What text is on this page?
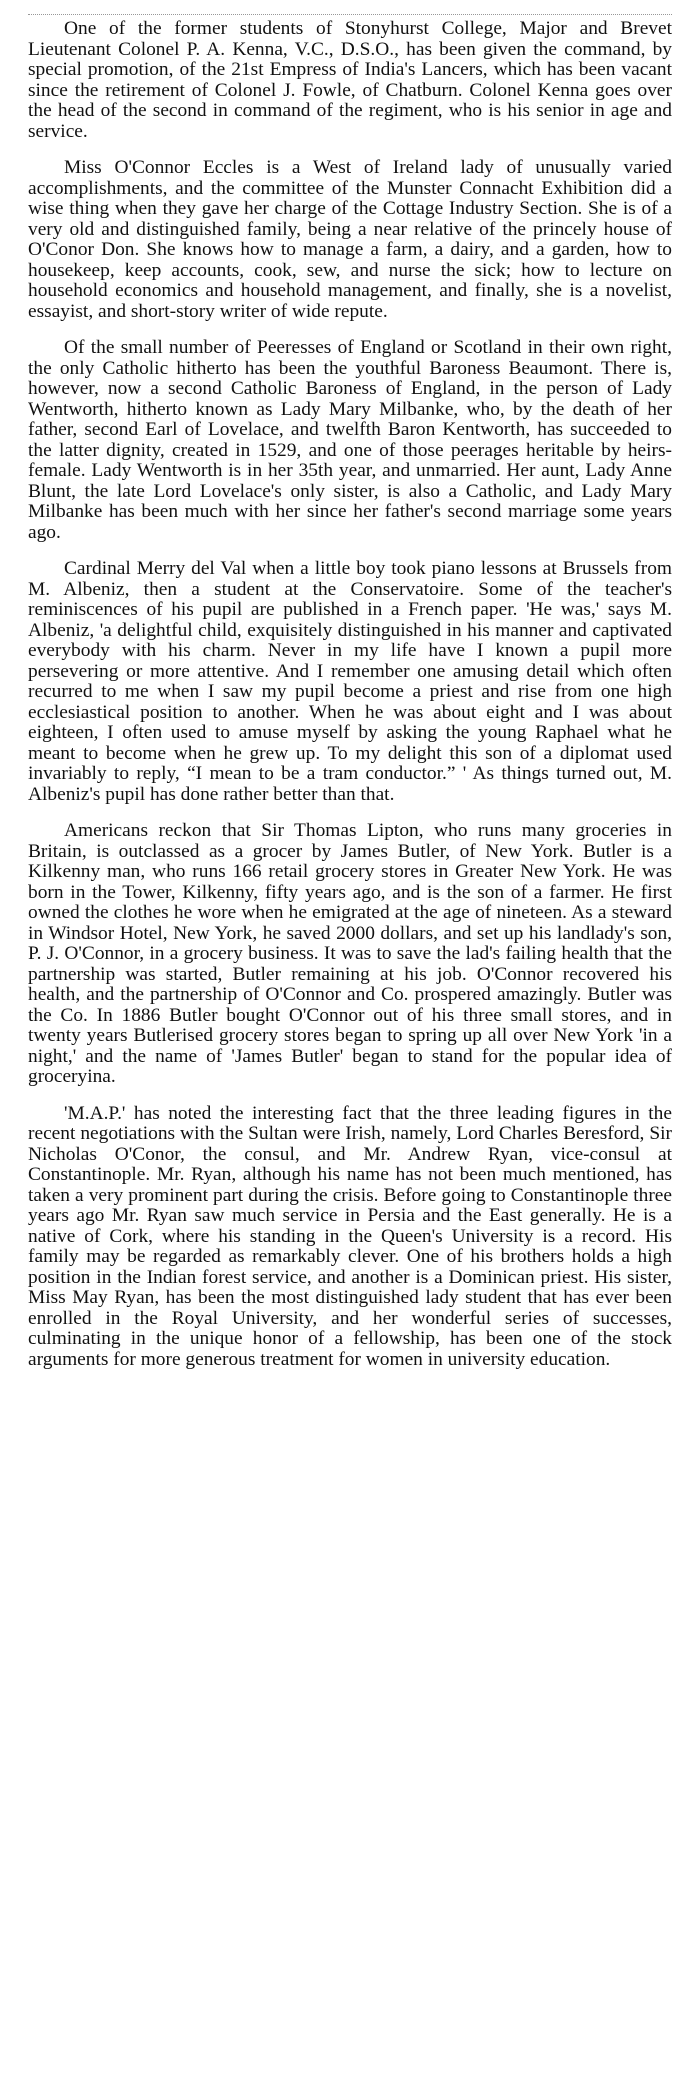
One of the former students of Stonyhurst College, Major and Brevet Lieutenant Colonel P. A. Kenna, V.C., D.S.O., has been given the command, by special promotion, of the 21st Empress of India's Lancers, which has been vacant since the retirement of Colonel J. Fowle, of Chatburn. Colonel Kenna goes over the head of the second in command of the regiment, who is his senior in age and service.

Miss O'Connor Eccles is a West of Ireland lady of unusually varied accomplishments, and the committee of the Munster Connacht Exhibition did a wise thing when they gave her charge of the Cottage Industry Section. She is of a very old and distinguished family, being a near relative of the princely house of O'Conor Don. She knows how to manage a farm, a dairy, and a garden, how to housekeep, keep accounts, cook, sew, and nurse the sick; how to lecture on household economics and household management, and finally, she is a novelist, essayist, and short-story writer of wide repute.

Of the small number of Peeresses of England or Scotland in their own right, the only Catholic hitherto has been the youthful Baroness Beaumont. There is, however, now a second Catholic Baroness of England, in the person of Lady Wentworth, hitherto known as Lady Mary Milbanke, who, by the death of her father, second Earl of Lovelace, and twelfth Baron Kentworth, has succeeded to the latter dignity, created in 1529, and one of those peerages heritable by heirs-female. Lady Wentworth is in her 35th year, and unmarried. Her aunt, Lady Anne Blunt, the late Lord Lovelace's only sister, is also a Catholic, and Lady Mary Milbanke has been much with her since her father's second marriage some years ago.

Cardinal Merry del Val when a little boy took piano lessons at Brussels from M. Albeniz, then a student at the Conservatoire. Some of the teacher's reminiscences of his pupil are published in a French paper. 'He was,' says M. Albeniz, 'a delightful child, exquisitely distinguished in his manner and captivated everybody with his charm. Never in my life have I known a pupil more persevering or more attentive. And I remember one amusing detail which often recurred to me when I saw my pupil become a priest and rise from one high ecclesiastical position to another. When he was about eight and I was about eighteen, I often used to amuse myself by asking the young Raphael what he meant to become when he grew up. To my delight this son of a diplomat used invariably to reply, “I mean to be a tram conductor.” ' As things turned out, M. Albeniz's pupil has done rather better than that.

Americans reckon that Sir Thomas Lipton, who runs many groceries in Britain, is outclassed as a grocer by James Butler, of New York. Butler is a Kilkenny man, who runs 166 retail grocery stores in Greater New York. He was born in the Tower, Kilkenny, fifty years ago, and is the son of a farmer. He first owned the clothes he wore when he emigrated at the age of nineteen. As a steward in Windsor Hotel, New York, he saved 2000 dollars, and set up his landlady's son, P. J. O'Connor, in a grocery business. It was to save the lad's failing health that the partnership was started, Butler remaining at his job. O'Connor recovered his health, and the partnership of O'Connor and Co. prospered amazingly. Butler was the Co. In 1886 Butler bought O'Connor out of his three small stores, and in twenty years Butlerised grocery stores began to spring up all over New York 'in a night,' and the name of 'James Butler' began to stand for the popular idea of groceryina.

'M.A.P.' has noted the interesting fact that the three leading figures in the recent negotiations with the Sultan were Irish, namely, Lord Charles Beresford, Sir Nicholas O'Conor, the consul, and Mr. Andrew Ryan, vice-consul at Constantinople. Mr. Ryan, although his name has not been much mentioned, has taken a very prominent part during the crisis. Before going to Constantinople three years ago Mr. Ryan saw much service in Persia and the East generally. He is a native of Cork, where his standing in the Queen's University is a record. His family may be regarded as remarkably clever. One of his brothers holds a high position in the Indian forest service, and another is a Dominican priest. His sister, Miss May Ryan, has been the most distinguished lady student that has ever been enrolled in the Royal University, and her wonderful series of successes, culminating in the unique honor of a fellowship, has been one of the stock arguments for more generous treatment for women in university education.
